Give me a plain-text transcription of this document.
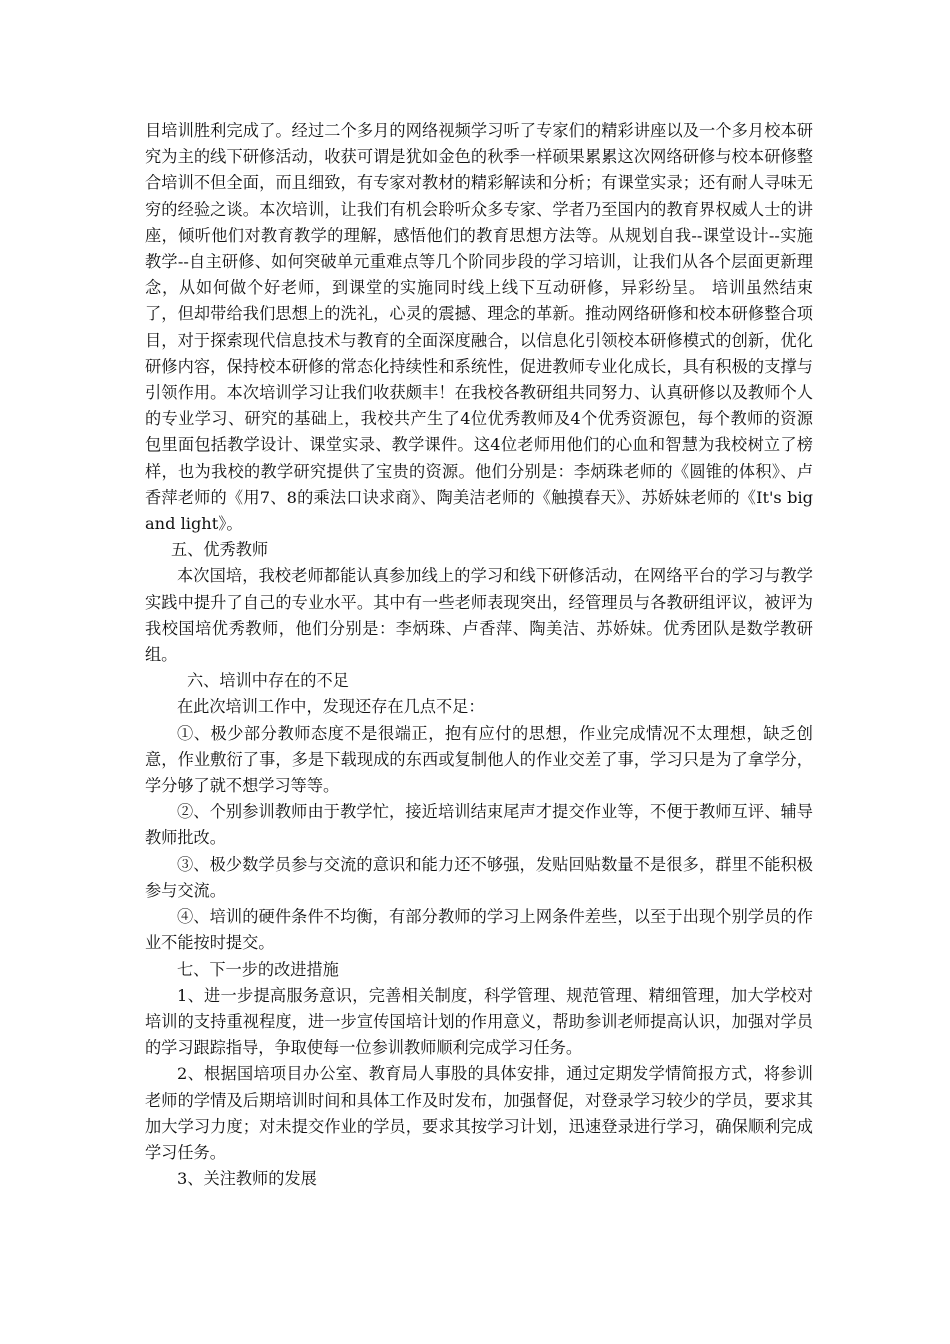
目培训胜利完成了。经过二个多月的网络视频学习听了专家们的精彩讲座以及一个多月校本研究为主的线下研修活动，收获可谓是犹如金色的秋季一样硕果累累这次网络研修与校本研修整合培训不但全面，而且细致，有专家对教材的精彩解读和分析；有课堂实录；还有耐人寻味无穷的经验之谈。本次培训，让我们有机会聆听众多专家、学者乃至国内的教育界权威人士的讲座，倾听他们对教育教学的理解，感悟他们的教育思想方法等。从规划自我--课堂设计--实施教学--自主研修、如何突破单元重难点等几个阶同步段的学习培训，让我们从各个层面更新理念，从如何做个好老师，到课堂的实施同时线上线下互动研修，异彩纷呈。 培训虽然结束了，但却带给我们思想上的洗礼，心灵的震撼、理念的革新。推动网络研修和校本研修整合项目，对于探索现代信息技术与教育的全面深度融合，以信息化引领校本研修模式的创新，优化研修内容，保持校本研修的常态化持续性和系统性，促进教师专业化成长，具有积极的支撑与引领作用。本次培训学习让我们收获颇丰！在我校各教研组共同努力、认真研修以及教师个人的专业学习、研究的基础上，我校共产生了4位优秀教师及4个优秀资源包，每个教师的资源包里面包括教学设计、课堂实录、教学课件。这4位老师用他们的心血和智慧为我校树立了榜样，也为我校的教学研究提供了宝贵的资源。他们分别是：李炳珠老师的《圆锥的体积》、卢香萍老师的《用7、8的乘法口诀求商》、陶美洁老师的《触摸春天》、苏娇妹老师的《It's big and light》。

五、优秀教师

本次国培，我校老师都能认真参加线上的学习和线下研修活动，在网络平台的学习与教学实践中提升了自己的专业水平。其中有一些老师表现突出，经管理员与各教研组评议，被评为我校国培优秀教师，他们分别是：李炳珠、卢香萍、陶美洁、苏娇妹。优秀团队是数学教研组。

六、培训中存在的不足

在此次培训工作中，发现还存在几点不足：

①、极少部分教师态度不是很端正，抱有应付的思想，作业完成情况不太理想，缺乏创意，作业敷衍了事，多是下载现成的东西或复制他人的作业交差了事，学习只是为了拿学分，学分够了就不想学习等等。

②、个别参训教师由于教学忙，接近培训结束尾声才提交作业等，不便于教师互评、辅导教师批改。

③、极少数学员参与交流的意识和能力还不够强，发贴回贴数量不是很多，群里不能积极参与交流。

④、培训的硬件条件不均衡，有部分教师的学习上网条件差些，以至于出现个别学员的作业不能按时提交。

七、下一步的改进措施

1、进一步提高服务意识，完善相关制度，科学管理、规范管理、精细管理，加大学校对培训的支持重视程度，进一步宣传国培计划的作用意义，帮助参训老师提高认识，加强对学员的学习跟踪指导，争取使每一位参训教师顺利完成学习任务。

2、根据国培项目办公室、教育局人事股的具体安排，通过定期发学情简报方式，将参训老师的学情及后期培训时间和具体工作及时发布，加强督促，对登录学习较少的学员，要求其加大学习力度；对未提交作业的学员，要求其按学习计划，迅速登录进行学习，确保顺利完成学习任务。

3、关注教师的发展
